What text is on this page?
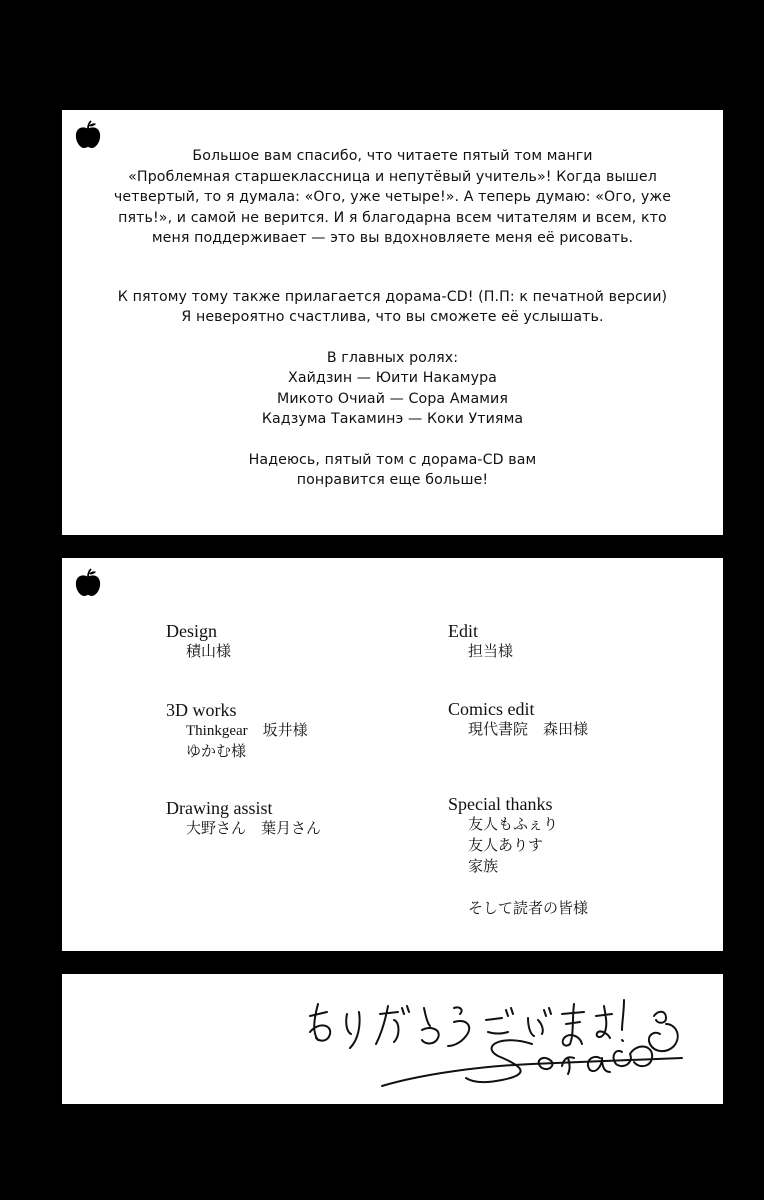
Большое вам спасибо, что читаете пятый том манги

«Проблемная старшеклассница и непутёвый учитель»! Когда вышел

четвертый, то я думала: «Ого, уже четыре!». А теперь думаю: «Ого, уже

пять!», и самой не верится. И я благодарна всем читателям и всем, кто

меня поддерживает — это вы вдохновляете меня её рисовать.

К пятому тому также прилагается дорама-CD! (П.П: к печатной версии)

Я невероятно счастлива, что вы сможете её услышать.

В главных ролях:

Хайдзин — Юити Накамура

Микото Очиай — Сора Амамия

Кадзума Такаминэ — Коки Утияма

Надеюсь, пятый том с дорама-CD вам

понравится еще больше!

Design
積山様
3D works
Thinkgear　坂井様
ゆかむ様
Drawing assist
大野さん　葉月さん
Edit
担当様
Comics edit
現代書院　森田様
Special thanks
友人もふぇり
友人ありす
家族
そして読者の皆様
